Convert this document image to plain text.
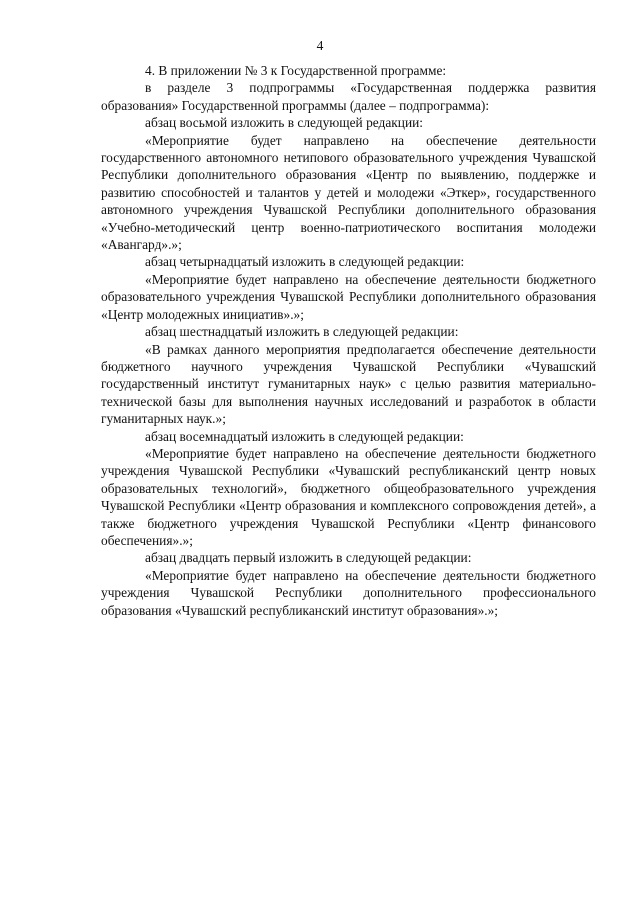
4

4. В приложении № 3 к Государственной программе:

в разделе 3 подпрограммы «Государственная поддержка развития образования» Государственной программы (далее – подпрограмма):

абзац восьмой изложить в следующей редакции:

«Мероприятие будет направлено на обеспечение деятельности государственного автономного нетипового образовательного учреждения Чувашской Республики дополнительного образования «Центр по выявлению, поддержке и развитию способностей и талантов у детей и молодежи «Эткер», государственного автономного учреждения Чувашской Республики дополнительного образования «Учебно-методический центр военно-патриотического воспитания молодежи «Авангард».»;

абзац четырнадцатый изложить в следующей редакции:

«Мероприятие будет направлено на обеспечение деятельности бюджетного образовательного учреждения Чувашской Республики дополнительного образования «Центр молодежных инициатив».»;

абзац шестнадцатый изложить в следующей редакции:

«В рамках данного мероприятия предполагается обеспечение деятельности бюджетного научного учреждения Чувашской Республики «Чувашский государственный институт гуманитарных наук» с целью развития материально-технической базы для выполнения научных исследований и разработок в области гуманитарных наук.»;

абзац восемнадцатый изложить в следующей редакции:

«Мероприятие будет направлено на обеспечение деятельности бюджетного учреждения Чувашской Республики «Чувашский республиканский центр новых образовательных технологий», бюджетного общеобразовательного учреждения Чувашской Республики «Центр образования и комплексного сопровождения детей», а также бюджетного учреждения Чувашской Республики «Центр финансового обеспечения».»;

абзац двадцать первый изложить в следующей редакции:

«Мероприятие будет направлено на обеспечение деятельности бюджетного учреждения Чувашской Республики дополнительного профессионального образования «Чувашский республиканский институт образования».»;
